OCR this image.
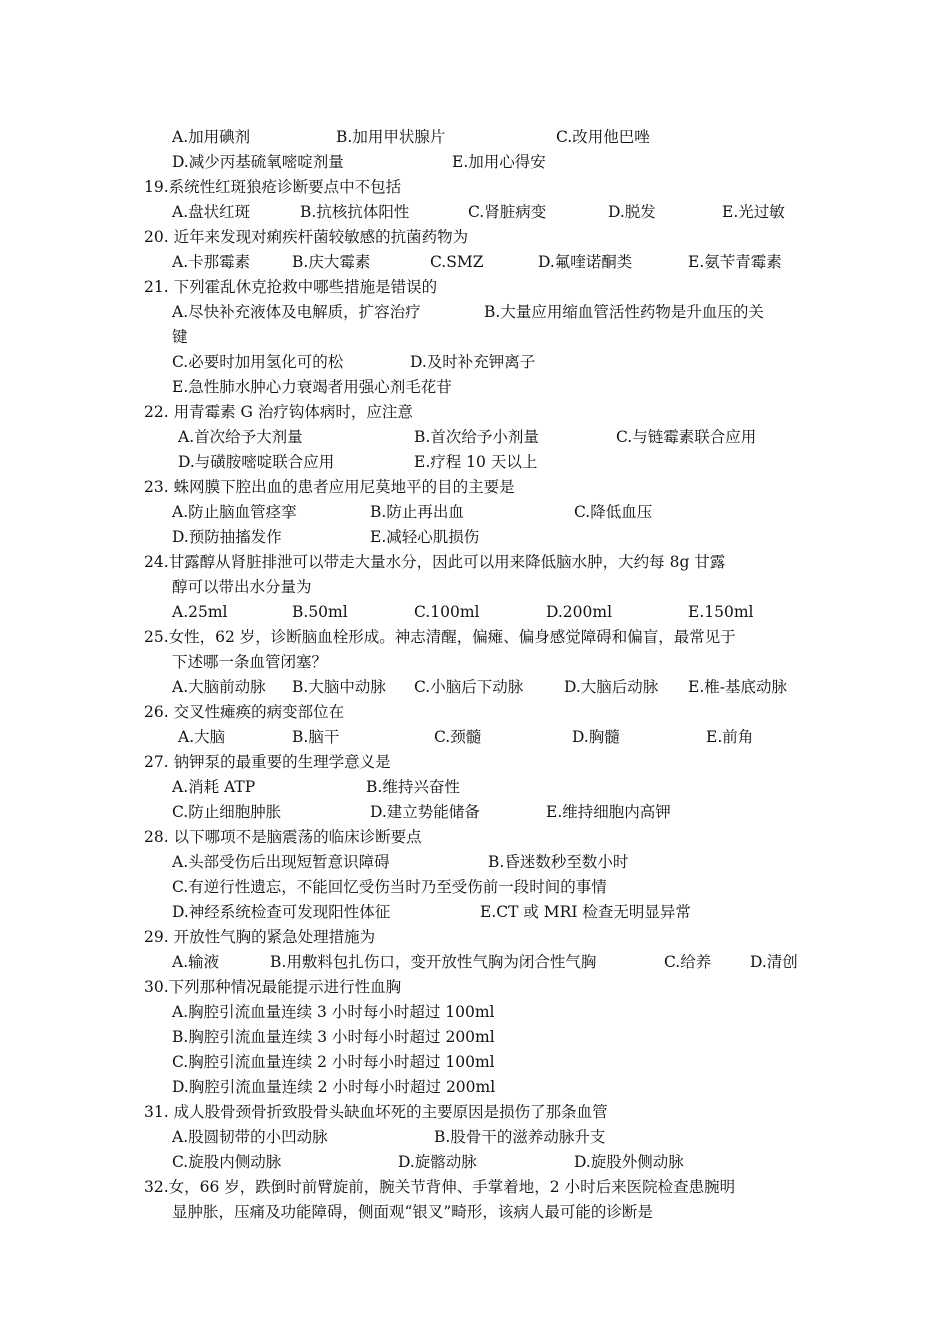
A.加用碘剂	B.加用甲状腺片	C.改用他巴唑
D.减少丙基硫氧嘧啶剂量	E.加用心得安
19.系统性红斑狼疮诊断要点中不包括
A.盘状红斑	B.抗核抗体阳性	C.肾脏病变	D.脱发	E.光过敏
20. 近年来发现对痢疾杆菌较敏感的抗菌药物为
A.卡那霉素	B.庆大霉素	C.SMZ	D.氟喹诺酮类	E.氨苄青霉素
21. 下列霍乱休克抢救中哪些措施是错误的
A.尽快补充液体及电解质，扩容治疗	B.大量应用缩血管活性药物是升血压的关
键
C.必要时加用氢化可的松	D.及时补充钾离子
E.急性肺水肿心力衰竭者用强心剂毛花苷
22. 用青霉素 G 治疗钩体病时，应注意
A.首次给予大剂量	B.首次给予小剂量	C.与链霉素联合应用
D.与磺胺嘧啶联合应用	E.疗程 10 天以上
23. 蛛网膜下腔出血的患者应用尼莫地平的目的主要是
A.防止脑血管痉挛	B.防止再出血	C.降低血压
D.预防抽搐发作	E.减轻心肌损伤
24.甘露醇从肾脏排泄可以带走大量水分，因此可以用来降低脑水肿，大约每 8g 甘露
醇可以带出水分量为
A.25ml	B.50ml	C.100ml	D.200ml	E.150ml
25.女性，62 岁，诊断脑血栓形成。神志清醒，偏瘫、偏身感觉障碍和偏盲，最常见于
下述哪一条血管闭塞？
A.大脑前动脉 B.大脑中动脉 C.小脑后下动脉	D.大脑后动脉 E.椎-基底动脉
26. 交叉性瘫痪的病变部位在
A.大脑	B.脑干	C.颈髓	D.胸髓	E.前角
27. 钠钾泵的最重要的生理学意义是
A.消耗 ATP	B.维持兴奋性
C.防止细胞肿胀	D.建立势能储备	E.维持细胞内高钾
28. 以下哪项不是脑震荡的临床诊断要点
A.头部受伤后出现短暂意识障碍	B.昏迷数秒至数小时
C.有逆行性遗忘，不能回忆受伤当时乃至受伤前一段时间的事情
D.神经系统检查可发现阳性体征	E.CT 或 MRI 检查无明显异常
29. 开放性气胸的紧急处理措施为
A.输液	B.用敷料包扎伤口，变开放性气胸为闭合性气胸	C.给养	D.清创
30.下列那种情况最能提示进行性血胸
A.胸腔引流血量连续 3 小时每小时超过 100ml
B.胸腔引流血量连续 3 小时每小时超过 200ml
C.胸腔引流血量连续 2 小时每小时超过 100ml
D.胸腔引流血量连续 2 小时每小时超过 200ml
31. 成人股骨颈骨折致股骨头缺血坏死的主要原因是损伤了那条血管
A.股圆韧带的小凹动脉	B.股骨干的滋养动脉升支
C.旋股内侧动脉	D.旋髂动脉	D.旋股外侧动脉
32.女，66 岁，跌倒时前臂旋前，腕关节背伸、手掌着地，2 小时后来医院检查患腕明
显肿胀，压痛及功能障碍，侧面观“银叉”畸形，该病人最可能的诊断是
